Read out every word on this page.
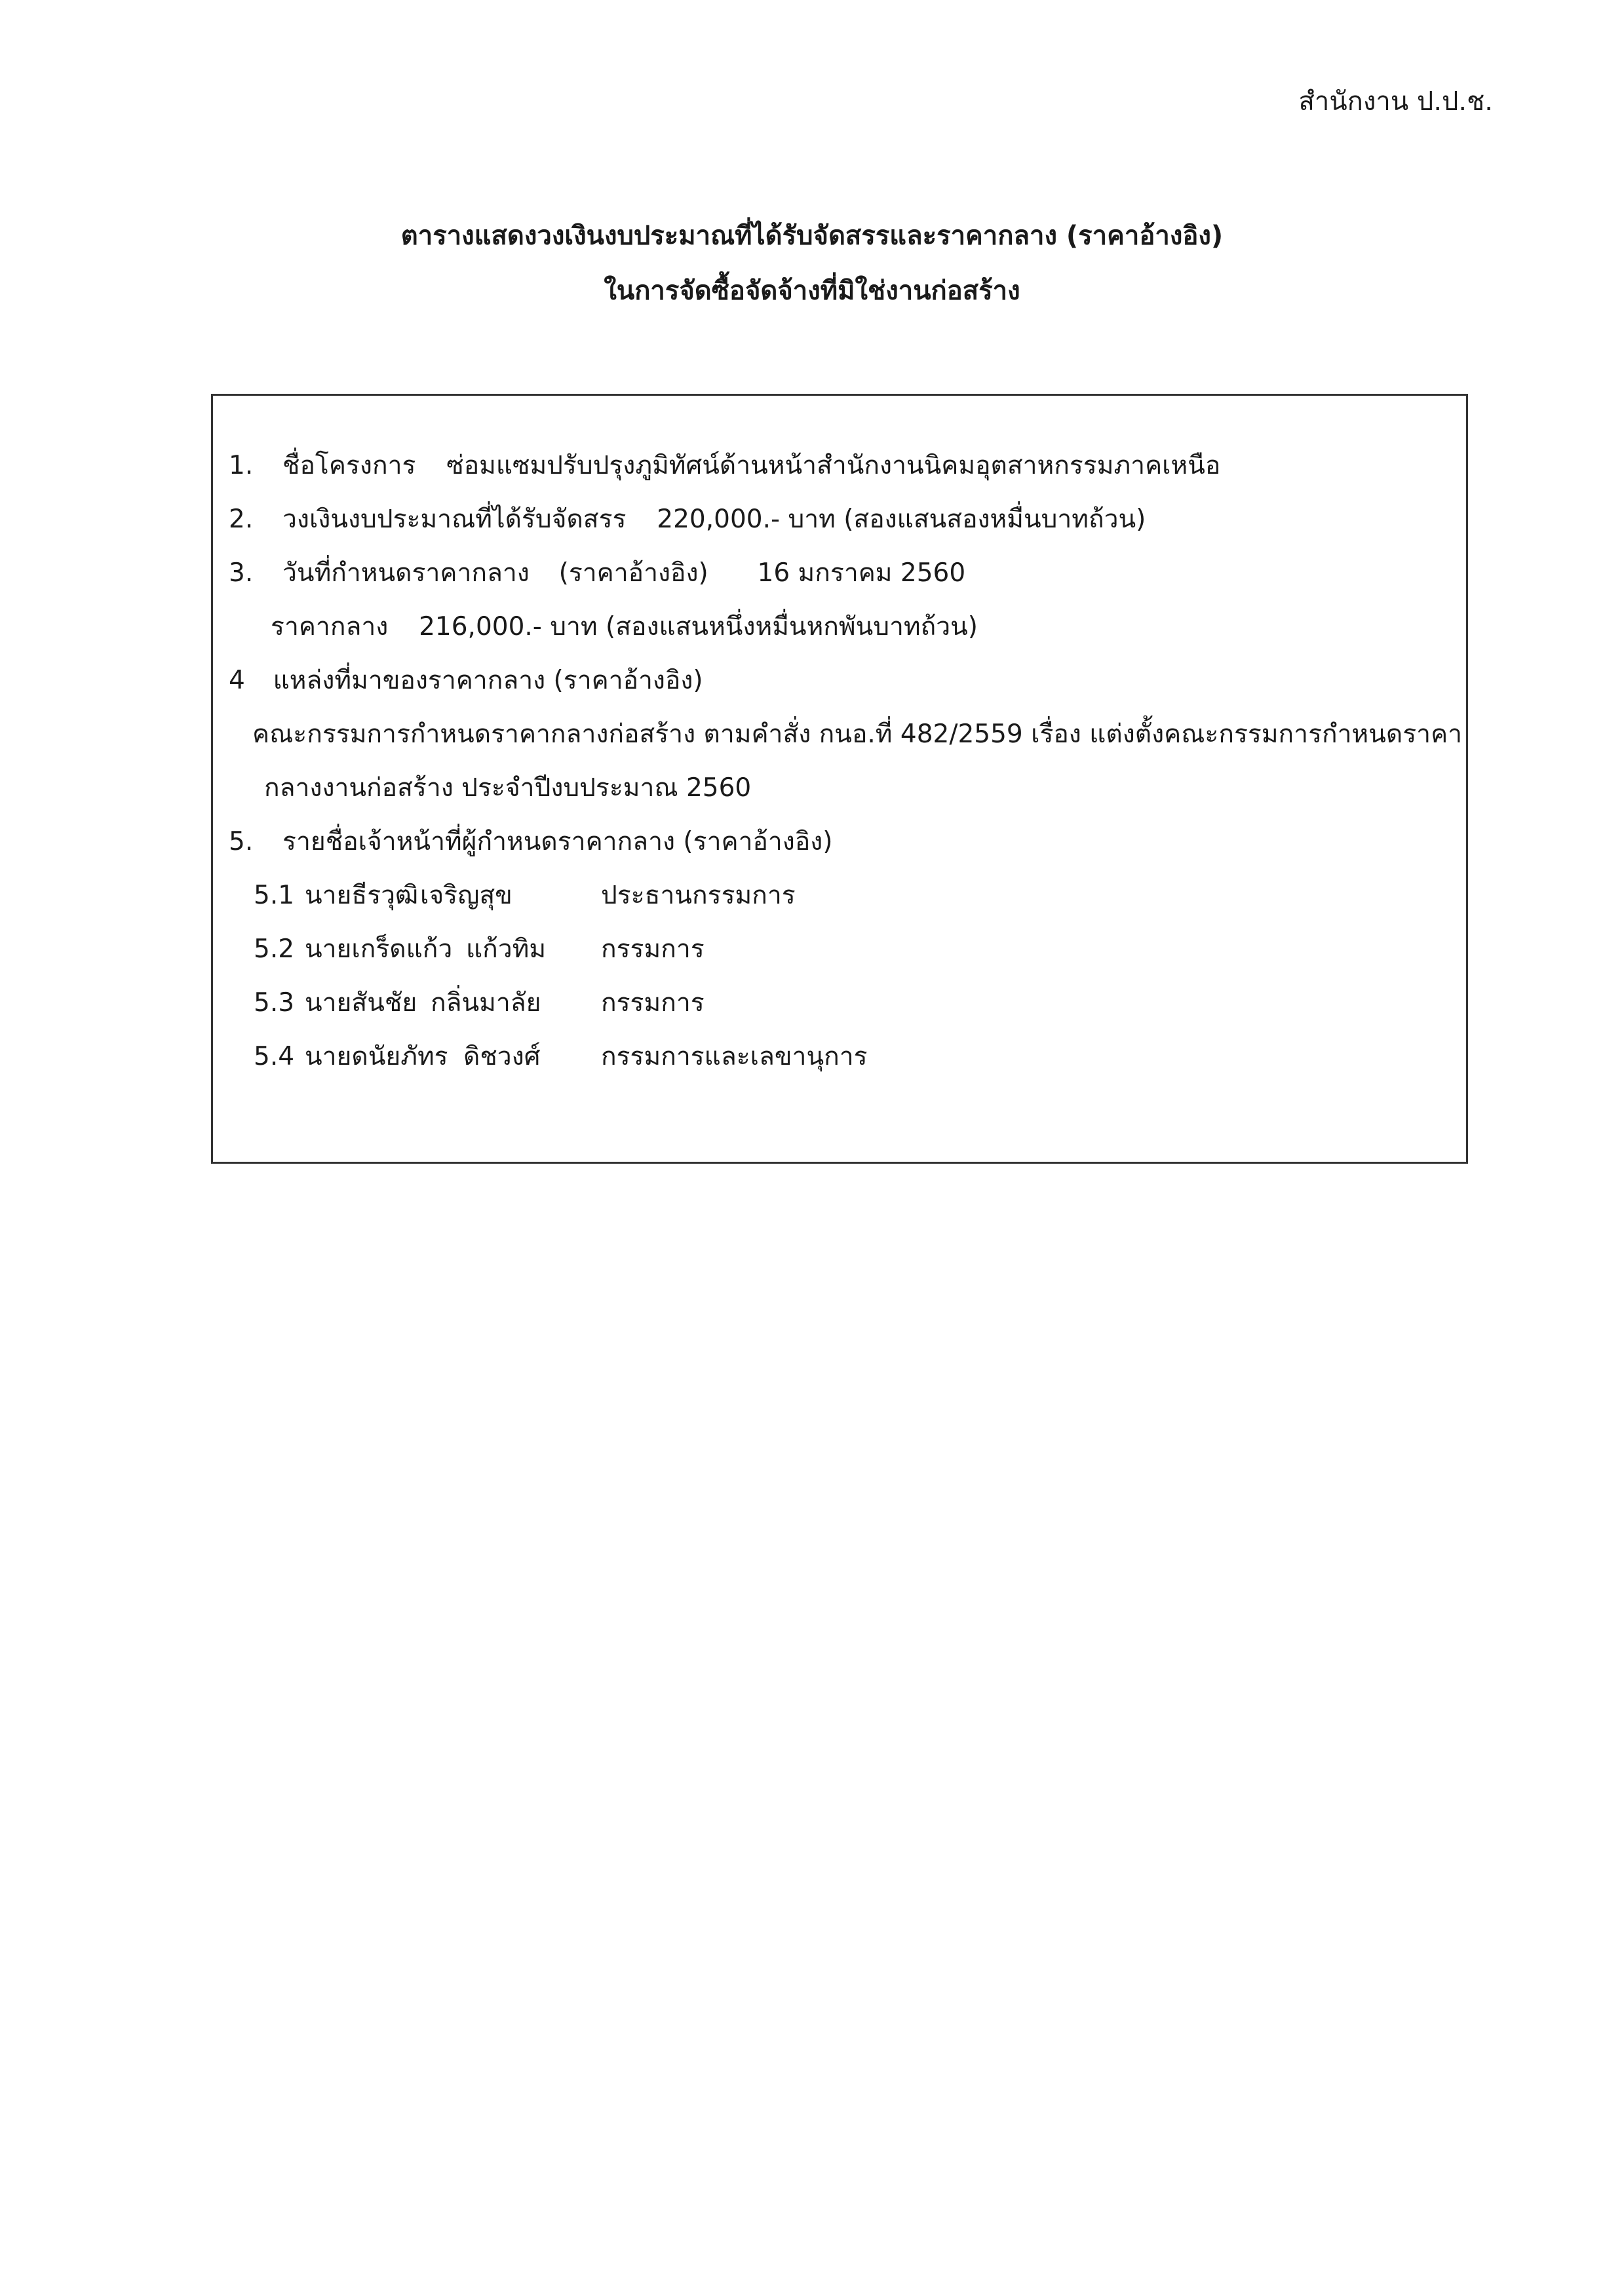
สำนักงาน ป.ป.ช.
ตารางแสดงวงเงินงบประมาณที่ได้รับจัดสรรและราคากลาง (ราคาอ้างอิง)
ในการจัดซื้อจัดจ้างที่มิใช่งานก่อสร้าง
1. ชื่อโครงการ ซ่อมแซมปรับปรุงภูมิทัศน์ด้านหน้าสำนักงานนิคมอุตสาหกรรมภาคเหนือ
2. วงเงินงบประมาณที่ได้รับจัดสรร 220,000.- บาท (สองแสนสองหมื่นบาทถ้วน)
3. วันที่กำหนดราคากลาง (ราคาอ้างอิง) 16 มกราคม 2560
ราคากลาง 216,000.- บาท (สองแสนหนึ่งหมื่นหกพันบาทถ้วน)
4 แหล่งที่มาของราคากลาง (ราคาอ้างอิง)
คณะกรรมการกำหนดราคากลางก่อสร้าง ตามคำสั่ง กนอ.ที่ 482/2559 เรื่อง แต่งตั้งคณะกรรมการกำหนดราคา
กลางงานก่อสร้าง ประจำปีงบประมาณ 2560
5. รายชื่อเจ้าหน้าที่ผู้กำหนดราคากลาง (ราคาอ้างอิง)
5.1 นายธีรวุฒิ เจริญสุข	ประธานกรรมการ
5.2 นายเกร็ดแก้ว แก้วทิม กรรมการ
5.3 นายสันชัย กลิ่นมาลัย กรรมการ
5.4 นายดนัยภัทร ดิชวงศ์ กรรมการและเลขานุการ
